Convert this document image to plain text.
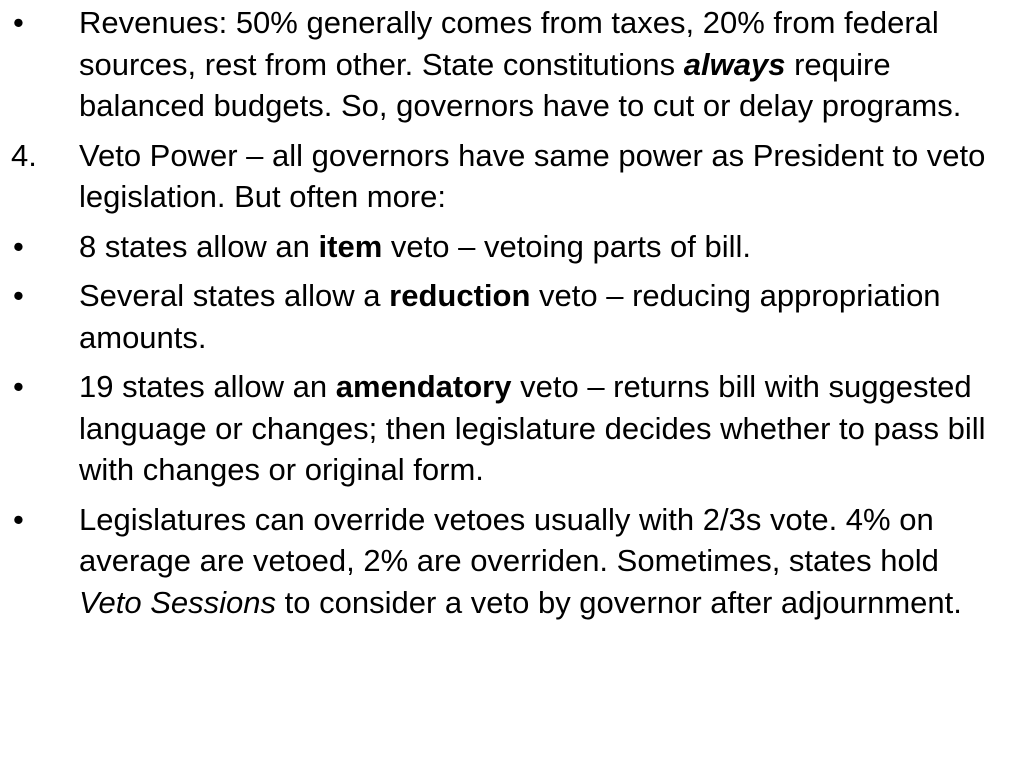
•	Revenues: 50% generally comes from taxes, 20% from federal sources, rest from other. State constitutions always require balanced budgets. So, governors have to cut or delay programs.
4.	Veto Power – all governors have same power as President to veto legislation. But often more:
•	8 states allow an item veto – vetoing parts of bill.
•	Several states allow a reduction veto – reducing appropriation amounts.
•	19 states allow an amendatory veto – returns bill with suggested language or changes; then legislature decides whether to pass bill with changes or original form.
•	Legislatures can override vetoes usually with 2/3s vote. 4% on average are vetoed, 2% are overriden. Sometimes, states hold Veto Sessions to consider a veto by governor after adjournment.
